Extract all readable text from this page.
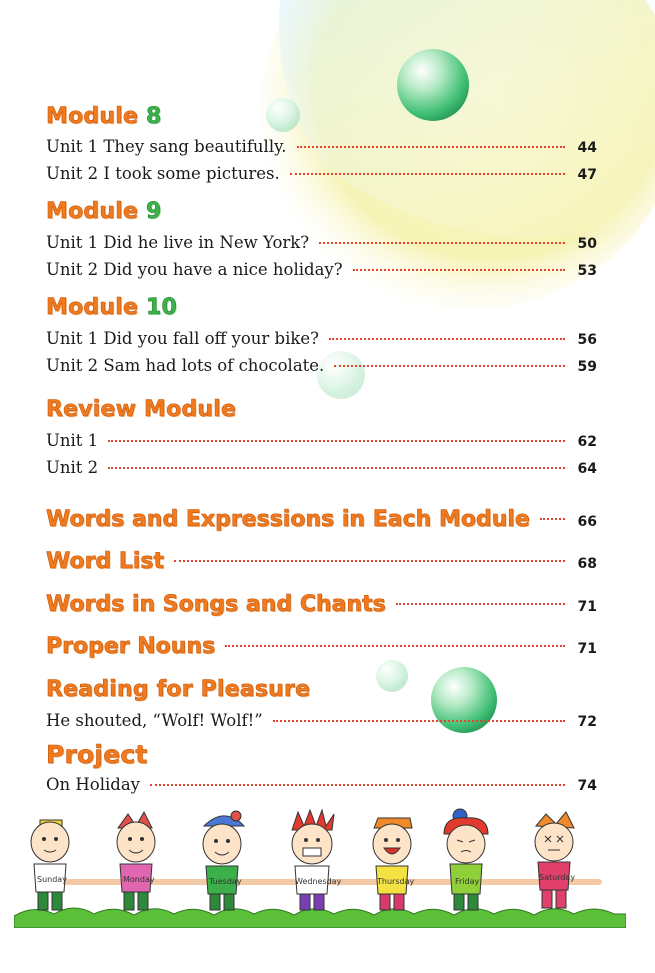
Module 8
Unit 1 They sang beautifully.	44
Unit 2 I took some pictures.	47
Module 9
Unit 1 Did he live in New York?	50
Unit 2 Did you have a nice holiday?	53
Module 10
Unit 1 Did you fall off your bike?	56
Unit 2 Sam had lots of chocolate.	59
Review Module
Unit 1	62
Unit 2	64
Words and Expressions in Each Module	66
Word List	68
Words in Songs and Chants	71
Proper Nouns	71
Reading for Pleasure
He shouted, “Wolf! Wolf!”	72
Project
On Holiday	74
Sunday	Monday	Tuesday	Wednesday	Thursday	Friday	Saturday
